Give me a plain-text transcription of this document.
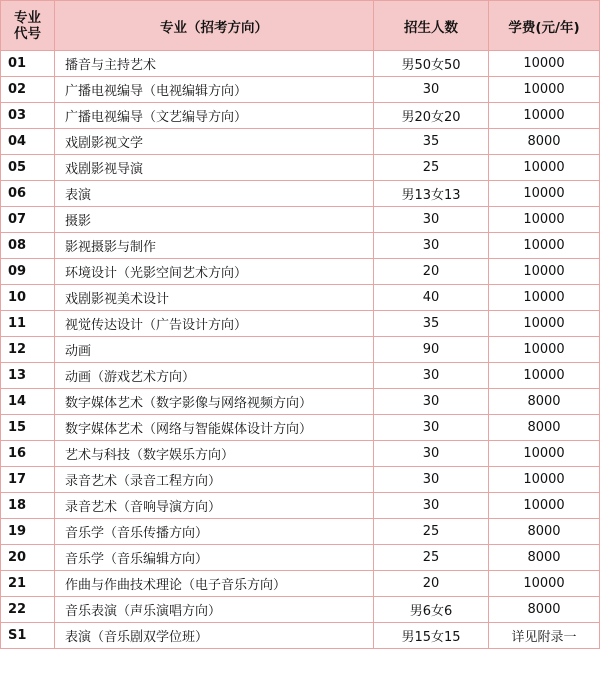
专业
代号	专业（招考方向）	招生人数	学费(元/年)
01	播音与主持艺术	男50女50	10000
02	广播电视编导（电视编辑方向）	30	10000
03	广播电视编导（文艺编导方向）	男20女20	10000
04	戏剧影视文学	35	8000
05	戏剧影视导演	25	10000
06	表演	男13女13	10000
07	摄影	30	10000
08	影视摄影与制作	30	10000
09	环境设计（光影空间艺术方向）	20	10000
10	戏剧影视美术设计	40	10000
11	视觉传达设计（广告设计方向）	35	10000
12	动画	90	10000
13	动画（游戏艺术方向）	30	10000
14	数字媒体艺术（数字影像与网络视频方向）	30	8000
15	数字媒体艺术（网络与智能媒体设计方向）	30	8000
16	艺术与科技（数字娱乐方向）	30	10000
17	录音艺术（录音工程方向）	30	10000
18	录音艺术（音响导演方向）	30	10000
19	音乐学（音乐传播方向）	25	8000
20	音乐学（音乐编辑方向）	25	8000
21	作曲与作曲技术理论（电子音乐方向）	20	10000
22	音乐表演（声乐演唱方向）	男6女6	8000
S1	表演（音乐剧双学位班）	男15女15	详见附录一
